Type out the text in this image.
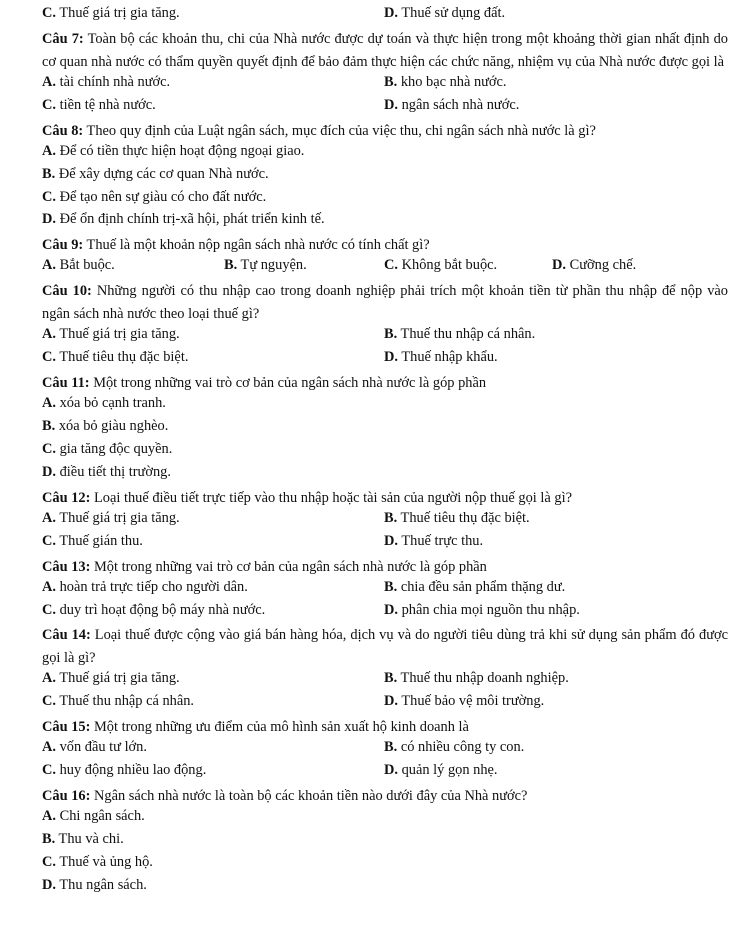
C. Thuế giá trị gia tăng.	D. Thuế sử dụng đất.
Câu 7: Toàn bộ các khoản thu, chi của Nhà nước được dự toán và thực hiện trong một khoảng thời gian nhất định do cơ quan nhà nước có thẩm quyền quyết định để bảo đảm thực hiện các chức năng, nhiệm vụ của Nhà nước được gọi là
A. tài chính nhà nước.	B. kho bạc nhà nước.
C. tiền tệ nhà nước.	D. ngân sách nhà nước.
Câu 8: Theo quy định của Luật ngân sách, mục đích của việc thu, chi ngân sách nhà nước là gì?
A. Để có tiền thực hiện hoạt động ngoại giao.
B. Để xây dựng các cơ quan Nhà nước.
C. Để tạo nên sự giàu có cho đất nước.
D. Để ổn định chính trị-xã hội, phát triển kinh tế.
Câu 9: Thuế là một khoản nộp ngân sách nhà nước có tính chất gì?
A. Bắt buộc.	B. Tự nguyện.	C. Không bắt buộc.	D. Cưỡng chế.
Câu 10: Những người có thu nhập cao trong doanh nghiệp phải trích một khoản tiền từ phần thu nhập để nộp vào ngân sách nhà nước theo loại thuế gì?
A. Thuế giá trị gia tăng.	B. Thuế thu nhập cá nhân.
C. Thuế tiêu thụ đặc biệt.	D. Thuế nhập khẩu.
Câu 11: Một trong những vai trò cơ bản của ngân sách nhà nước là góp phần
A. xóa bỏ cạnh tranh.
B. xóa bỏ giàu nghèo.
C. gia tăng độc quyền.
D. điều tiết thị trường.
Câu 12: Loại thuế điều tiết trực tiếp vào thu nhập hoặc tài sản của người nộp thuế gọi là gì?
A. Thuế giá trị gia tăng.	B. Thuế tiêu thụ đặc biệt.
C. Thuế gián thu.	D. Thuế trực thu.
Câu 13: Một trong những vai trò cơ bản của ngân sách nhà nước là góp phần
A. hoàn trả trực tiếp cho người dân.	B. chia đều sản phẩm thặng dư.
C. duy trì hoạt động bộ máy nhà nước.	D. phân chia mọi nguồn thu nhập.
Câu 14: Loại thuế được cộng vào giá bán hàng hóa, dịch vụ và do người tiêu dùng trả khi sử dụng sản phẩm đó được gọi là gì?
A. Thuế giá trị gia tăng.	B. Thuế thu nhập doanh nghiệp.
C. Thuế thu nhập cá nhân.	D. Thuế bảo vệ môi trường.
Câu 15: Một trong những ưu điểm của mô hình sản xuất hộ kinh doanh là
A. vốn đầu tư lớn.	B. có nhiều công ty con.
C. huy động nhiều lao động.	D. quản lý gọn nhẹ.
Câu 16: Ngân sách nhà nước là toàn bộ các khoản tiền nào dưới đây của Nhà nước?
A. Chi ngân sách.
B. Thu và chi.
C. Thuế và ủng hộ.
D. Thu ngân sách.
